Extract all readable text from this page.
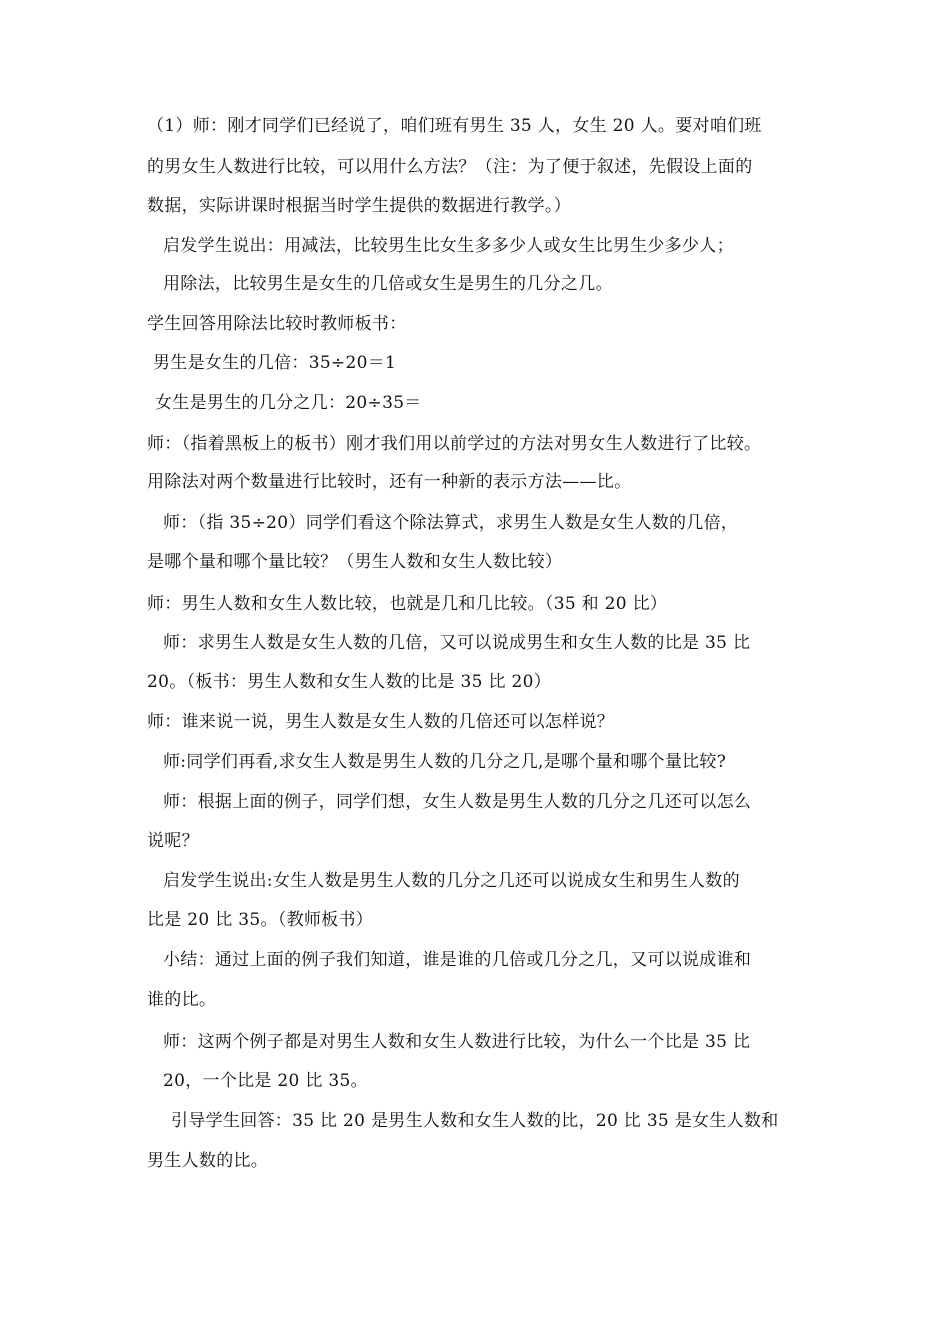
（1）师：刚才同学们已经说了，咱们班有男生 35 人，女生 20 人。要对咱们班
的男女生人数进行比较，可以用什么方法？（注：为了便于叙述，先假设上面的
数据，实际讲课时根据当时学生提供的数据进行教学。）
启发学生说出：用减法，比较男生比女生多多少人或女生比男生少多少人；
用除法，比较男生是女生的几倍或女生是男生的几分之几。
学生回答用除法比较时教师板书：
男生是女生的几倍：35÷20＝1
女生是男生的几分之几：20÷35＝
师：（指着黑板上的板书）刚才我们用以前学过的方法对男女生人数进行了比较。
用除法对两个数量进行比较时，还有一种新的表示方法——比。
师：（指 35÷20）同学们看这个除法算式，求男生人数是女生人数的几倍，
是哪个量和哪个量比较？（男生人数和女生人数比较）
师：男生人数和女生人数比较，也就是几和几比较。（35 和 20 比）
师：求男生人数是女生人数的几倍，又可以说成男生和女生人数的比是 35 比
20。（板书：男生人数和女生人数的比是 35 比 20）
师：谁来说一说，男生人数是女生人数的几倍还可以怎样说？
师:同学们再看,求女生人数是男生人数的几分之几,是哪个量和哪个量比较?
师：根据上面的例子，同学们想，女生人数是男生人数的几分之几还可以怎么
说呢？
启发学生说出:女生人数是男生人数的几分之几还可以说成女生和男生人数的
比是 20 比 35。（教师板书）
小结：通过上面的例子我们知道，谁是谁的几倍或几分之几，又可以说成谁和
谁的比。
师：这两个例子都是对男生人数和女生人数进行比较，为什么一个比是 35 比
20，一个比是 20 比 35。
引导学生回答：35 比 20 是男生人数和女生人数的比，20 比 35 是女生人数和
男生人数的比。
